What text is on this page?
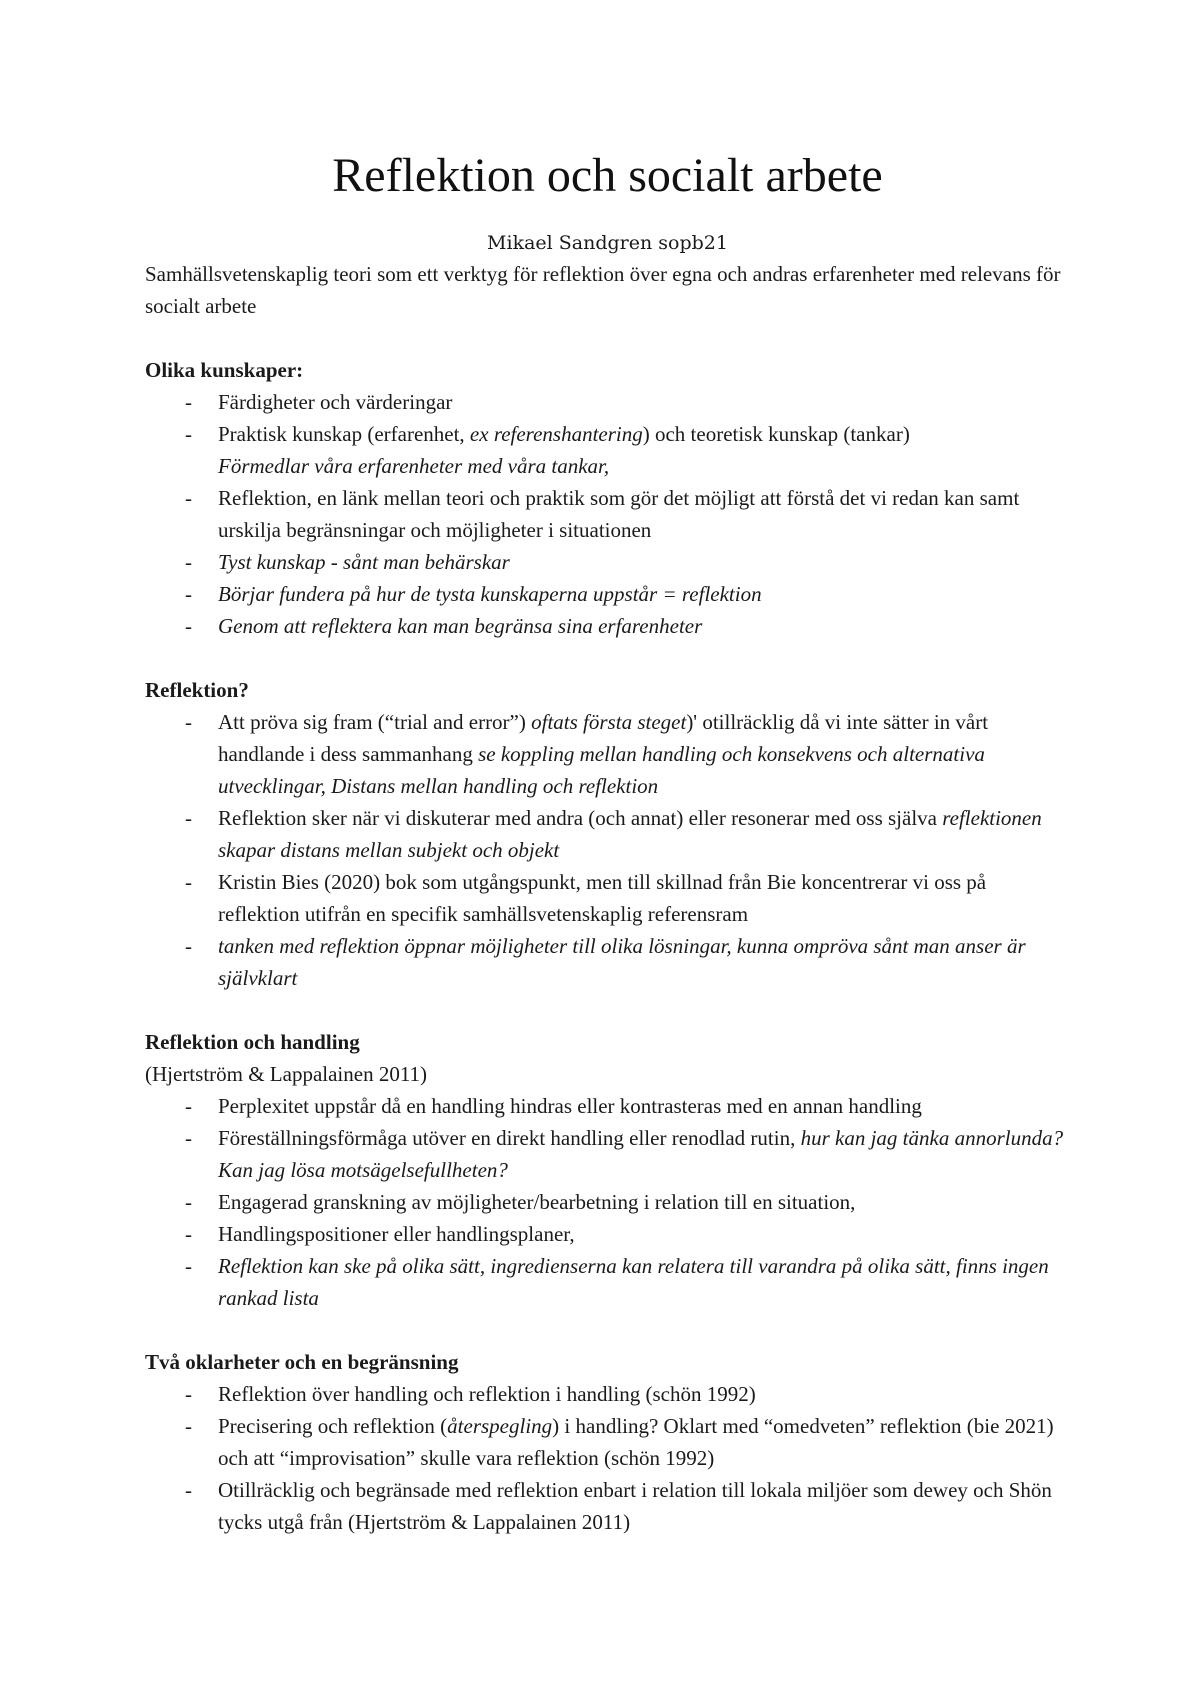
Reflektion och socialt arbete
Mikael Sandgren sopb21

Samhällsvetenskaplig teori som ett verktyg för reflektion över egna och andras erfarenheter med relevans för socialt arbete

Olika kunskaper:
- Färdigheter och värderingar
- Praktisk kunskap (erfarenhet, ex referenshantering) och teoretisk kunskap (tankar)
Förmedlar våra erfarenheter med våra tankar,
- Reflektion, en länk mellan teori och praktik som gör det möjligt att förstå det vi redan kan samt urskilja begränsningar och möjligheter i situationen
- Tyst kunskap - sånt man behärskar
- Börjar fundera på hur de tysta kunskaperna uppstår = reflektion
- Genom att reflektera kan man begränsa sina erfarenheter
Reflektion?
- Att pröva sig fram (“trial and error”) oftats första steget)' otillräcklig då vi inte sätter in vårt handlande i dess sammanhang se koppling mellan handling och konsekvens och alternativa utvecklingar, Distans mellan handling och reflektion
- Reflektion sker när vi diskuterar med andra (och annat) eller resonerar med oss själva reflektionen skapar distans mellan subjekt och objekt
- Kristin Bies (2020) bok som utgångspunkt, men till skillnad från Bie koncentrerar vi oss på reflektion utifrån en specifik samhällsvetenskaplig referensram
- tanken med reflektion öppnar möjligheter till olika lösningar, kunna ompröva sånt man anser är självklart
Reflektion och handling

(Hjertström & Lappalainen 2011)

- Perplexitet uppstår då en handling hindras eller kontrasteras med en annan handling
- Föreställningsförmåga utöver en direkt handling eller renodlad rutin, hur kan jag tänka annorlunda? Kan jag lösa motsägelsefullheten?
- Engagerad granskning av möjligheter/bearbetning i relation till en situation,
- Handlingspositioner eller handlingsplaner,
- Reflektion kan ske på olika sätt, ingredienserna kan relatera till varandra på olika sätt, finns ingen rankad lista
Två oklarheter och en begränsning
- Reflektion över handling och reflektion i handling (schön 1992)
- Precisering och reflektion (återspegling) i handling? Oklart med “omedveten” reflektion (bie 2021) och att “improvisation” skulle vara reflektion (schön 1992)
- Otillräcklig och begränsade med reflektion enbart i relation till lokala miljöer som dewey och Shön tycks utgå från (Hjertström & Lappalainen 2011)
